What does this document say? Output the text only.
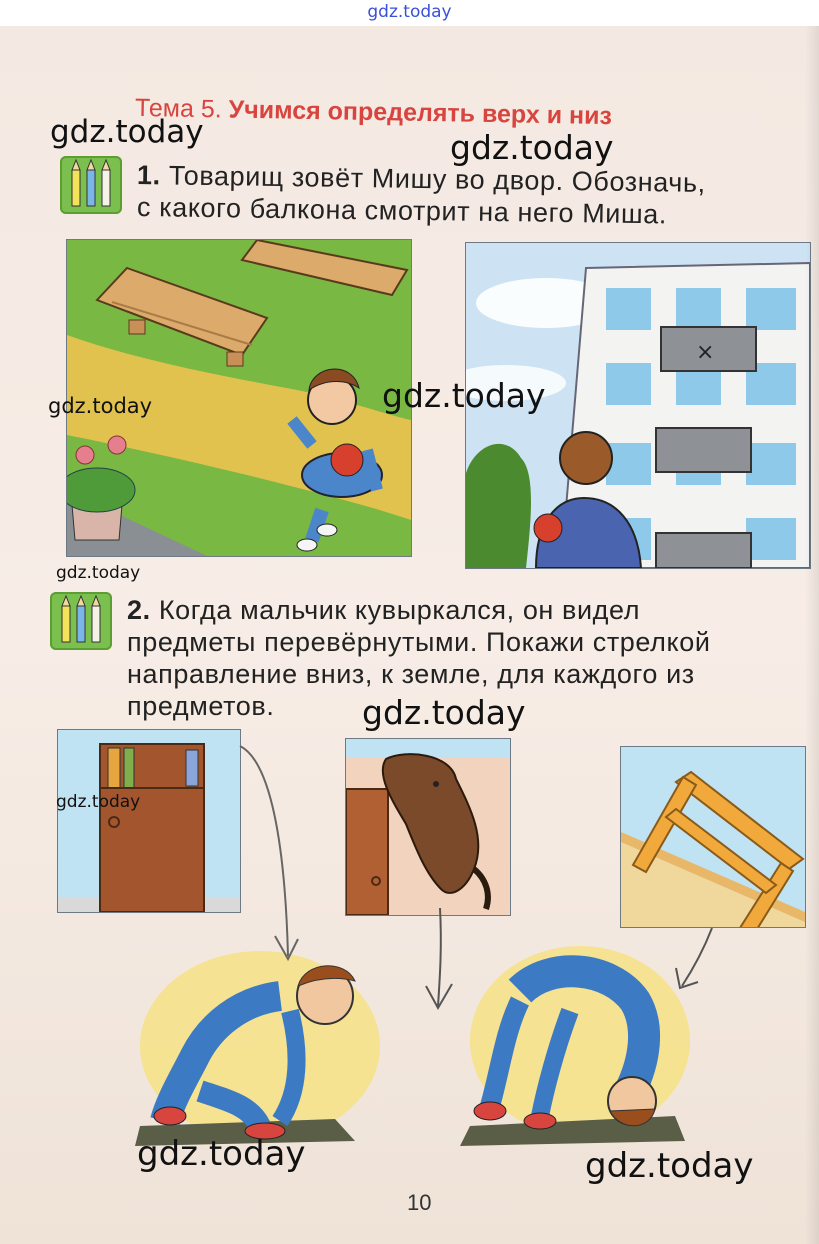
gdz.today
Тема 5. Учимся определять верх и низ
1. Товарищ зовёт Мишу во двор. Обозначь,
с какого балкона смотрит на него Миша.
×
2. Когда мальчик кувыркался, он видел
предметы перевёрнутыми. Покажи стрелкой
направление вниз, к земле, для каждого из
предметов.
10
gdz.today	gdz.today
gdz.today	gdz.today
gdz.today
gdz.today
gdz.today
gdz.today	gdz.today
